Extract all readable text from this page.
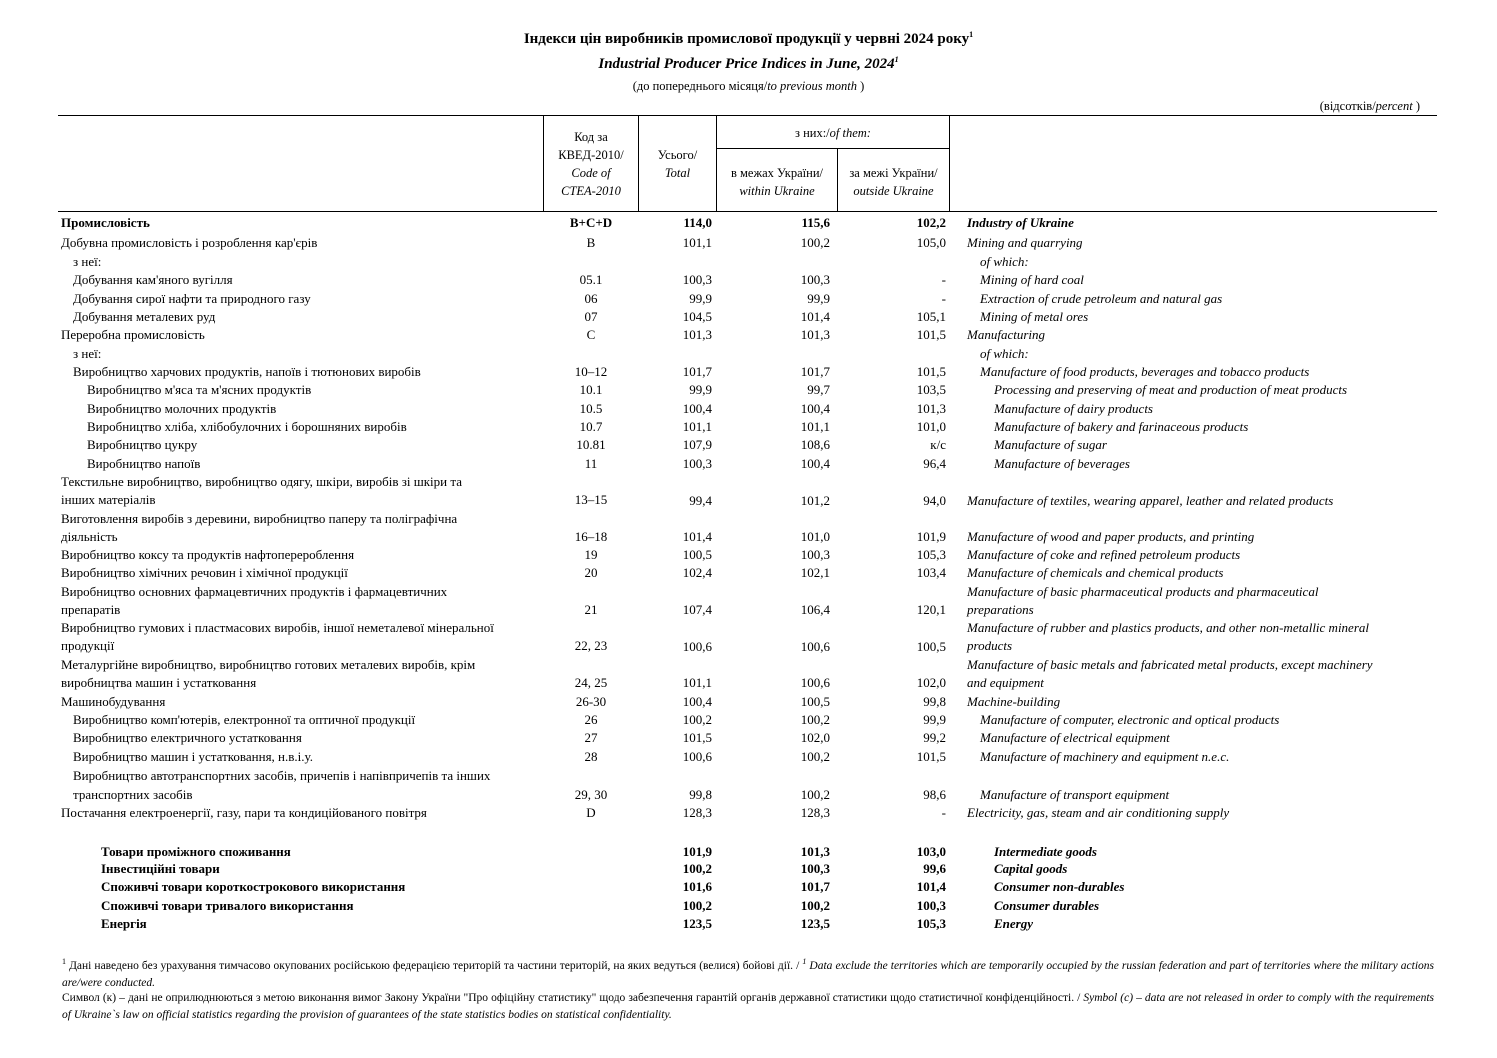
Індекси цін виробників промислової продукції у червні 2024 року$^1$
Industrial Producer Price Indices in June, 2024$^1$
(до попереднього місяця/to previous month )
(відсотків/percent )
Код за
КВЕД-2010/
Code of
CTEA-2010
Усього/
Total
з них:/of them:
в межах України/
within Ukraine
за межі України/
outside Ukraine
Промисловість	B+C+D	114,0	115,6	102,2 Industry of Ukraine
Добувна промисловість і розроблення кар'єрів	B	101,1	100,2	105,0 Mining and quarrying
з неї:	of which:
Добування кам'яного вугілля	05.1	100,3	100,3	-	Mining of hard coal
Добування сирої нафти та природного газу	06	99,9	99,9	-	Extraction of crude petroleum and natural gas
Добування металевих руд	07	104,5	101,4	105,1	Mining of metal ores
Переробна промисловість	C	101,3	101,3	101,5 Manufacturing
з неї:	of which:
Виробництво харчових продуктів, напоїв і тютюнових виробів	10–12	101,7	101,7	101,5	Manufacture of food products, beverages and tobacco products
Виробництво м'яса та м'ясних продуктів	10.1	99,9	99,7	103,5	Processing and preserving of meat and production of meat products
Виробництво молочних продуктів	10.5	100,4	100,4	101,3	Manufacture of dairy products
Виробництво хліба, хлібобулочних і борошняних виробів	10.7	101,1	101,1	101,0	Manufacture of bakery and farinaceous products
Виробництво цукру	10.81	107,9	108,6	к/с	Manufacture of sugar
Виробництво напоїв	11	100,3	100,4	96,4	Manufacture of beverages
Текстильне виробництво, виробництво одягу, шкіри, виробів зі шкіри та
інших матеріалів	13–15	99,4	101,2	94,0 Manufacture of textiles, wearing apparel, leather and related products
Виготовлення виробів з деревини, виробництво паперу та поліграфічна
діяльність	16–18	101,4	101,0	101,9 Manufacture of wood and paper products, and printing
Виробництво коксу та продуктів нафтоперероблення	19	100,5	100,3	105,3 Manufacture of coke and refined petroleum products
Виробництво хімічних речовин і хімічної продукції	20	102,4	102,1	103,4 Manufacture of chemicals and chemical products
Виробництво основних фармацевтичних продуктів і фармацевтичних
препаратів	21	107,4	106,4	120,1
Manufacture of basic pharmaceutical products and pharmaceutical
preparations
Виробництво гумових і пластмасових виробів, іншої неметалевої мінеральної
продукції	22, 23	100,6	100,6	100,5
Manufacture of rubber and plastics products, and other non-metallic mineral
products
Металургійне виробництво, виробництво готових металевих виробів, крім
виробництва машин і устатковання	24, 25	101,1	100,6	102,0
Manufacture of basic metals and fabricated metal products, except machinery
and equipment
Машинобудування	26-30	100,4	100,5	99,8 Machine-building
Виробництво комп'ютерів, електронної та оптичної продукції	26	100,2	100,2	99,9	Manufacture of computer, electronic and optical products
Виробництво електричного устатковання	27	101,5	102,0	99,2	Manufacture of electrical equipment
Виробництво машин і устатковання, н.в.і.у.	28	100,6	100,2	101,5	Manufacture of machinery and equipment n.e.c.
Виробництво автотранспортних засобів, причепів і напівпричепів та інших
транспортних засобів	29, 30	99,8	100,2	98,6	Manufacture of transport equipment
Постачання електроенергії, газу, пари та кондиційованого повітря	D	128,3	128,3	- Electricity, gas, steam and air conditioning supply
Товари проміжного споживання	101,9	101,3	103,0	Intermediate goods
Інвестиційні товари	100,2	100,3	99,6	Capital goods
Споживчі товари короткострокового використання	101,6	101,7	101,4	Consumer non-durables
Споживчі товари тривалого використання	100,2	100,2	100,3	Consumer durables
Енергія	123,5	123,5	105,3	Energy
$^1$ Дані наведено без урахування тимчасово окупованих російською федерацією територій та частини територій, на яких ведуться (велися) бойові дії. / $^1$ Data exclude the territories which are temporarily occupied by the russian federation and part of territories where the military actions are/were conducted.
Символ (к) – дані не оприлюднюються з метою виконання вимог Закону України "Про офіційну статистику" щодо забезпечення гарантій органів державної статистики щодо статистичної конфіденційності. / Symbol (c) – data are not released in order to comply with the requirements of Ukraine`s law on official statistics regarding the provision of guarantees of the state statistics bodies on statistical confidentiality.
